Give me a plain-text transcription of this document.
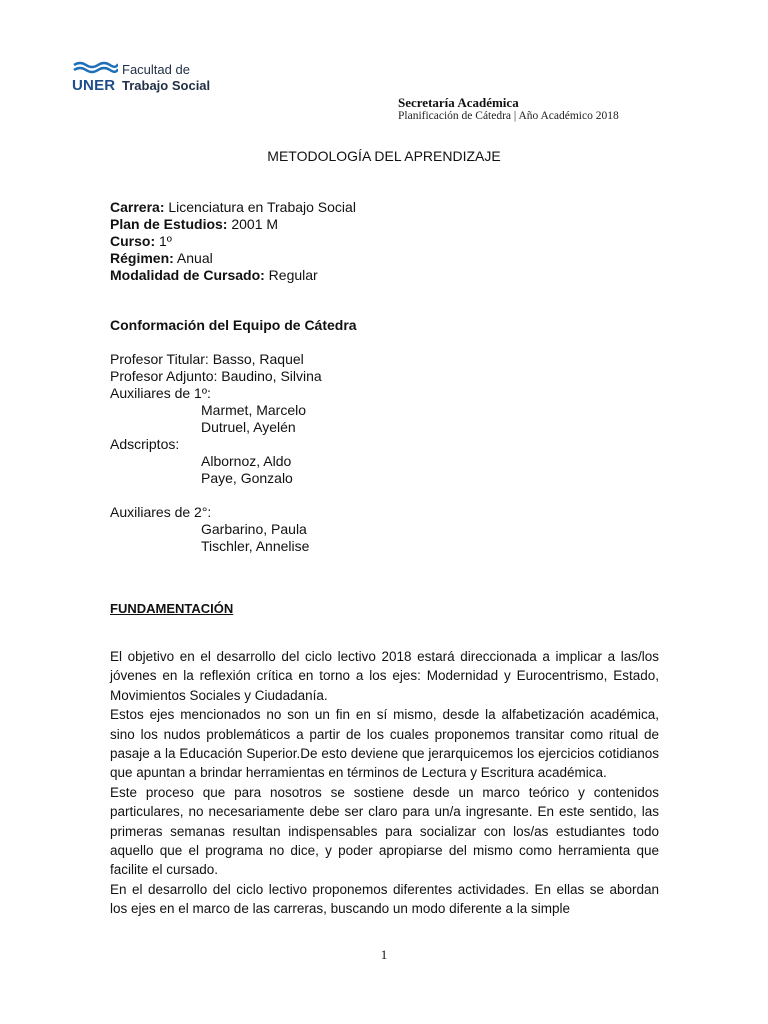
UNER
Facultad de
Trabajo Social
Secretaría Académica
Planificación de Cátedra | Año Académico 2018
METODOLOGÍA DEL APRENDIZAJE
Carrera: Licenciatura en Trabajo Social
Plan de Estudios: 2001 M
Curso: 1º
Régimen: Anual
Modalidad de Cursado: Regular
Conformación del Equipo de Cátedra
Profesor Titular: Basso, Raquel
Profesor Adjunto: Baudino, Silvina
Auxiliares de 1º:
Marmet, Marcelo
Dutruel, Ayelén
Adscriptos:
Albornoz, Aldo
Paye, Gonzalo
Auxiliares de 2°:
Garbarino, Paula
Tischler, Annelise
FUNDAMENTACIÓN

El objetivo en el desarrollo del ciclo lectivo 2018 estará direccionada a implicar a las/los jóvenes en la reflexión crítica en torno a los ejes: Modernidad y Eurocentrismo, Estado, Movimientos Sociales y Ciudadanía.

Estos ejes mencionados no son un fin en sí mismo, desde la alfabetización académica, sino los nudos problemáticos a partir de los cuales proponemos transitar como ritual de pasaje a la Educación Superior.De esto deviene que jerarquicemos los ejercicios cotidianos que apuntan a brindar herramientas en términos de Lectura y Escritura académica.

Este proceso que para nosotros se sostiene desde un marco teórico y contenidos particulares, no necesariamente debe ser claro para un/a ingresante. En este sentido, las primeras semanas resultan indispensables para socializar con los/as estudiantes todo aquello que el programa no dice, y poder apropiarse del mismo como herramienta que facilite el cursado.

En el desarrollo del ciclo lectivo proponemos diferentes actividades. En ellas se abordan los ejes en el marco de las carreras, buscando un modo diferente a la simple

1
